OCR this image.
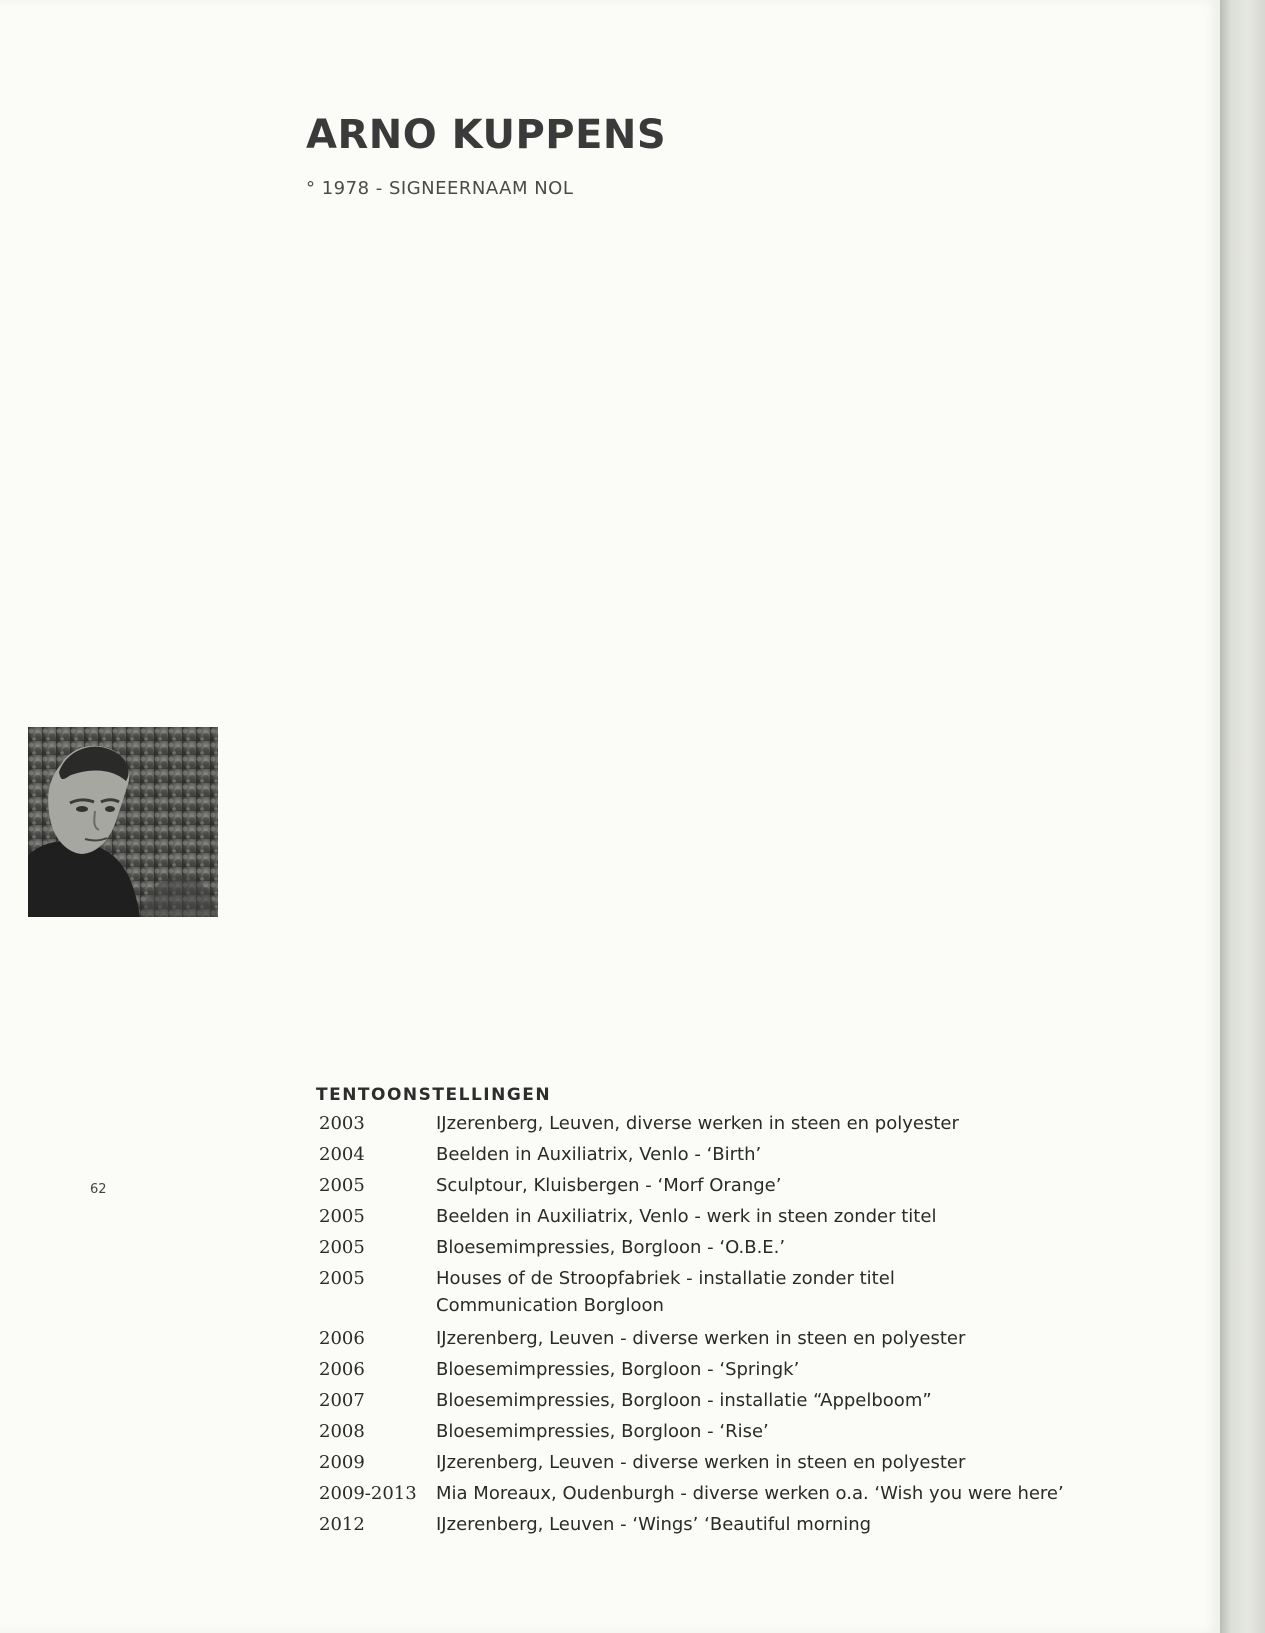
ARNO KUPPENS
° 1978 - SIGNEERNAAM NOL
62
TENTOONSTELLINGEN
2003	IJzerenberg, Leuven, diverse werken in steen en polyester
2004	Beelden in Auxiliatrix, Venlo - ‘Birth’
2005	Sculptour, Kluisbergen - ‘Morf Orange’
2005	Beelden in Auxiliatrix, Venlo - werk in steen zonder titel
2005	Bloesemimpressies, Borgloon - ‘O.B.E.’
2005	Houses of de Stroopfabriek - installatie zonder titel
Communication Borgloon
2006	IJzerenberg, Leuven - diverse werken in steen en polyester
2006	Bloesemimpressies, Borgloon - ‘Springk’
2007	Bloesemimpressies, Borgloon - installatie “Appelboom”
2008	Bloesemimpressies, Borgloon - ‘Rise’
2009	IJzerenberg, Leuven - diverse werken in steen en polyester
2009-2013	Mia Moreaux, Oudenburgh - diverse werken o.a. ‘Wish you were here’
2012	IJzerenberg, Leuven - ‘Wings’ ‘Beautiful morning
